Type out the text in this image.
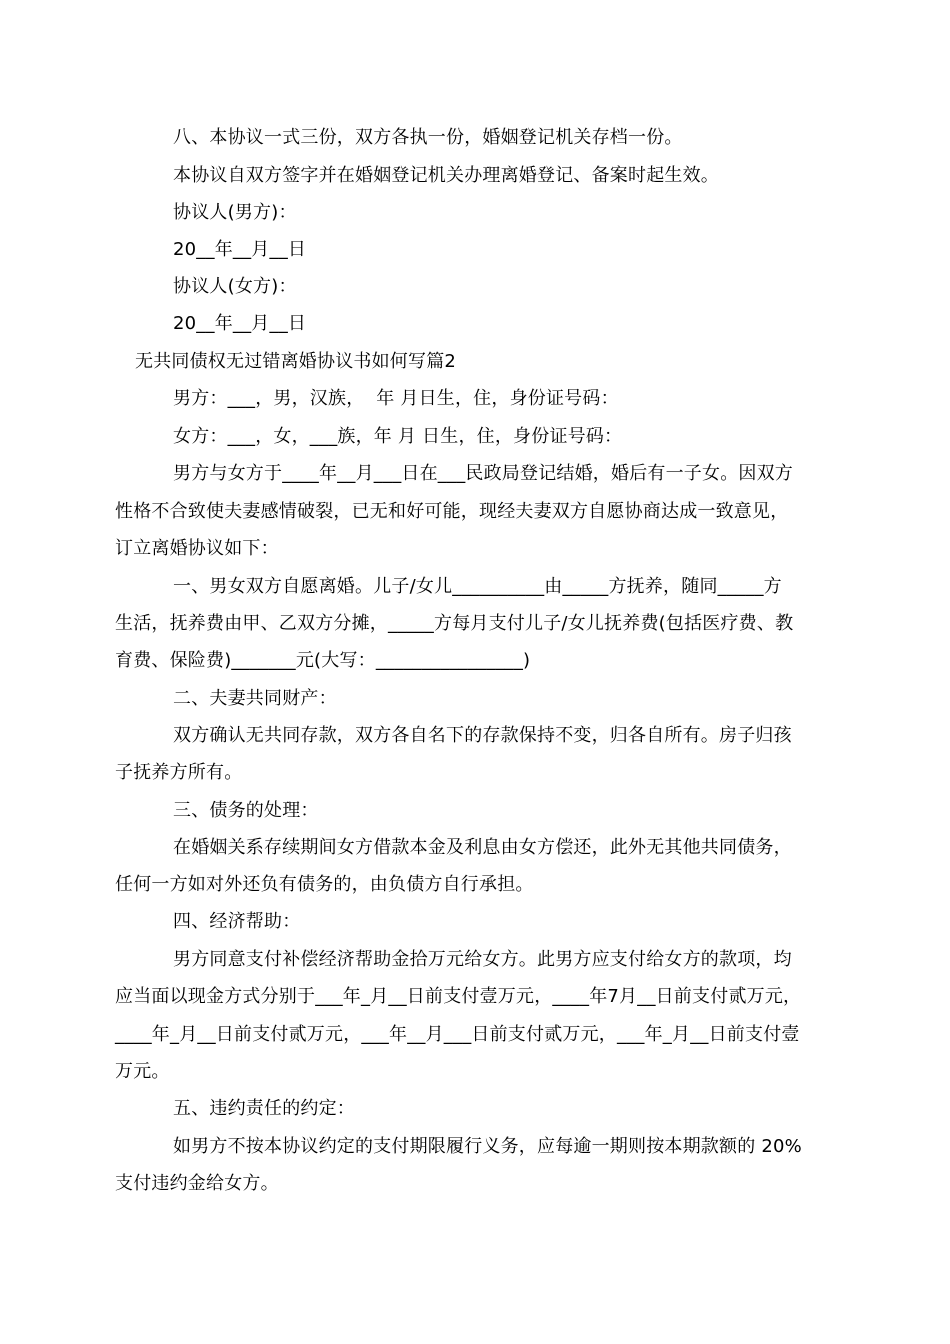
八、本协议一式三份，双方各执一份，婚姻登记机关存档一份。
本协议自双方签字并在婚姻登记机关办理离婚登记、备案时起生效。
协议人(男方)：
20__年__月__日
协议人(女方)：
20__年__月__日
无共同债权无过错离婚协议书如何写篇2
男方：___，男，汉族，  年 月日生，住，身份证号码：
女方：___，女，___族，年 月 日生，住，身份证号码：
男方与女方于____年__月___日在___民政局登记结婚，婚后有一子女。因双方
性格不合致使夫妻感情破裂，已无和好可能，现经夫妻双方自愿协商达成一致意见，
订立离婚协议如下：
一、男女双方自愿离婚。儿子/女儿__________由_____方抚养，随同_____方
生活，抚养费由甲、乙双方分摊，_____方每月支付儿子/女儿抚养费(包括医疗费、教
育费、保险费)_______元(大写：________________)
二、夫妻共同财产：
双方确认无共同存款，双方各自名下的存款保持不变，归各自所有。房子归孩
子抚养方所有。
三、债务的处理：
在婚姻关系存续期间女方借款本金及利息由女方偿还，此外无其他共同债务，
任何一方如对外还负有债务的，由负债方自行承担。
四、经济帮助：
男方同意支付补偿经济帮助金拾万元给女方。此男方应支付给女方的款项，均
应当面以现金方式分别于___年_月__日前支付壹万元，____年7月__日前支付贰万元，
____年_月__日前支付贰万元，___年__月___日前支付贰万元，___年_月__日前支付壹
万元。
五、违约责任的约定：
如男方不按本协议约定的支付期限履行义务，应每逾一期则按本期款额的 20%
支付违约金给女方。
